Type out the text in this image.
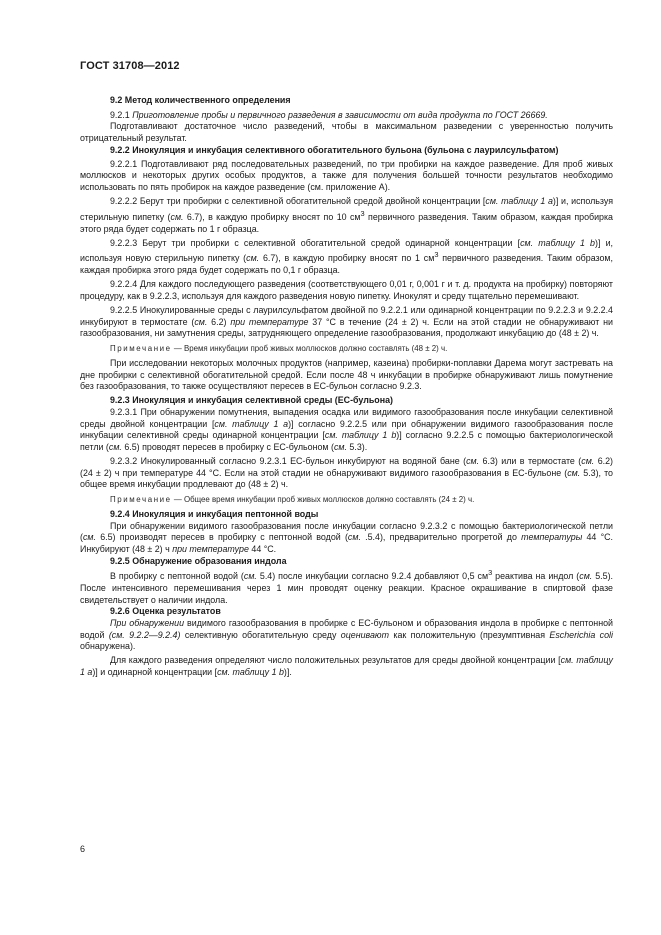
ГОСТ 31708—2012

9.2 Метод количественного определения

9.2.1 Приготовление пробы и первичного разведения в зависимости от вида продукта по ГОСТ 26669.

Подготавливают достаточное число разведений, чтобы в максимальном разведении с уверенностью получить отрицательный результат.

9.2.2 Инокуляция и инкубация селективного обогатительного бульона (бульона с лаурилсульфатом)

9.2.2.1 Подготавливают ряд последовательных разведений, по три пробирки на каждое разведение. Для проб живых моллюсков и некоторых других особых продуктов, а также для получения большей точности результатов необходимо использовать по пять пробирок на каждое разведение (см. приложение А).

9.2.2.2 Берут три пробирки с селективной обогатительной средой двойной концентрации [см. таблицу 1 а)] и, используя стерильную пипетку (см. 6.7), в каждую пробирку вносят по 10 $см^3$ первичного разведения. Таким образом, каждая пробирка этого ряда будет содержать по 1 г образца.

9.2.2.3 Берут три пробирки с селективной обогатительной средой одинарной концентрации [см. таблицу 1 b)] и, используя новую стерильную пипетку (см. 6.7), в каждую пробирку вносят по 1 $см^3$ первичного разведения. Таким образом, каждая пробирка этого ряда будет содержать по 0,1 г образца.

9.2.2.4 Для каждого последующего разведения (соответствующего 0,01 г, 0,001 г и т. д. продукта на пробирку) повторяют процедуру, как в 9.2.2.3, используя для каждого разведения новую пипетку. Инокулят и среду тщательно перемешивают.

9.2.2.5 Инокулированные среды с лаурилсульфатом двойной по 9.2.2.1 или одинарной концентрации по 9.2.2.3 и 9.2.2.4 инкубируют в термостате (см. 6.2) при температуре 37 °С в течение (24 ± 2) ч. Если на этой стадии не обнаруживают ни газообразования, ни замутнения среды, затрудняющего определение газообразования, продолжают инкубацию до (48 ± 2) ч.

Примечание — Время инкубации проб живых моллюсков должно составлять (48 ± 2) ч.

При исследовании некоторых молочных продуктов (например, казеина) пробирки-поплавки Дарема могут застревать на дне пробирки с селективной обогатительной средой. Если после 48 ч инкубации в пробирке обнаруживают лишь помутнение без газообразования, то также осуществляют пересев в ЕС-бульон согласно 9.2.3.

9.2.3 Инокуляция и инкубация селективной среды (ЕС-бульона)

9.2.3.1 При обнаружении помутнения, выпадения осадка или видимого газообразования после инкубации селективной среды двойной концентрации [см. таблицу 1 а)] согласно 9.2.2.5 или при обнаружении видимого газообразования после инкубации селективной среды одинарной концентрации [см. таблицу 1 b)] согласно 9.2.2.5 с помощью бактериологической петли (см. 6.5) проводят пересев в пробирку с ЕС-бульоном (см. 5.3).

9.2.3.2 Инокулированный согласно 9.2.3.1 ЕС-бульон инкубируют на водяной бане (см. 6.3) или в термостате (см. 6.2) (24 ± 2) ч при температуре 44 °С. Если на этой стадии не обнаруживают видимого газообразования в ЕС-бульоне (см. 5.3), то общее время инкубации продлевают до (48 ± 2) ч.

Примечание — Общее время инкубации проб живых моллюсков должно составлять (24 ± 2) ч.

9.2.4 Инокуляция и инкубация пептонной воды

При обнаружении видимого газообразования после инкубации согласно 9.2.3.2 с помощью бактериологической петли (см. 6.5) производят пересев в пробирку с пептонной водой (см. .5.4), предварительно прогретой до температуры 44 °С. Инкубируют (48 ± 2) ч при температуре 44 °С.

9.2.5 Обнаружение образования индола

В пробирку с пептонной водой (см. 5.4) после инкубации согласно 9.2.4 добавляют 0,5 $см^3$ реактива на индол (см. 5.5). После интенсивного перемешивания через 1 мин проводят оценку реакции. Красное окрашивание в спиртовой фазе свидетельствует о наличии индола.

9.2.6 Оценка результатов

При обнаружении видимого газообразования в пробирке с ЕС-бульоном и образования индола в пробирке с пептонной водой (см. 9.2.2—9.2.4) селективную обогатительную среду оценивают как положительную (презумптивная Escherichia coli обнаружена).

Для каждого разведения определяют число положительных результатов для среды двойной концентрации [см. таблицу 1 а)] и одинарной концентрации [см. таблицу 1 b)].

6
